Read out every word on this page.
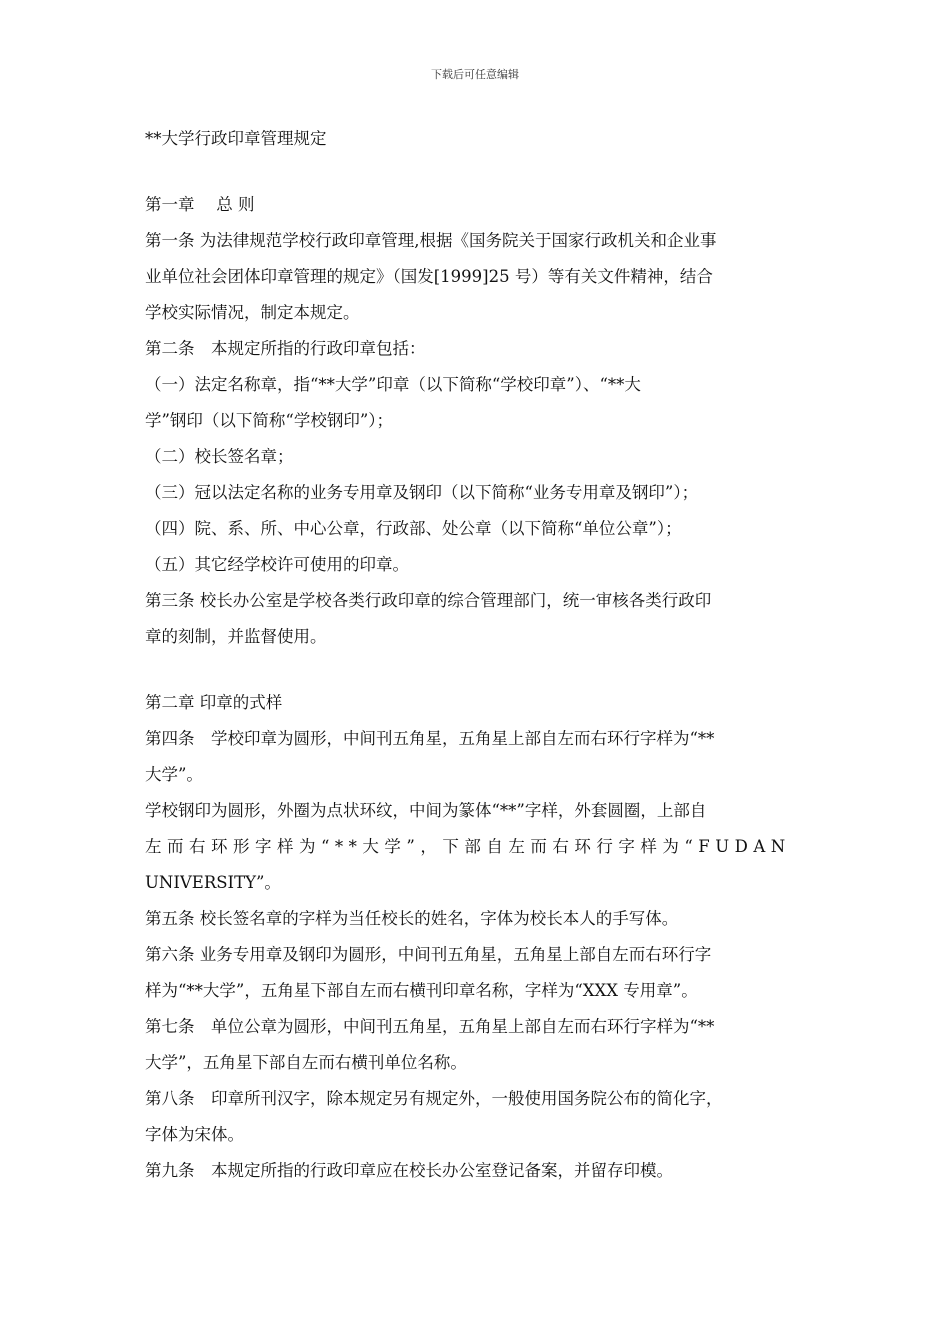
下载后可任意编辑
**大学行政印章管理规定
第一章　 总 则
第一条 为法律规范学校行政印章管理,根据《国务院关于国家行政机关和企业事
业单位社会团体印章管理的规定》（国发[1999]25 号）等有关文件精神，结合
学校实际情况，制定本规定。
第二条　本规定所指的行政印章包括：
（一）法定名称章，指“**大学”印章（以下简称“学校印章”）、“**大
学”钢印（以下简称“学校钢印”）；
（二）校长签名章；
（三）冠以法定名称的业务专用章及钢印（以下简称“业务专用章及钢印”）；
（四）院、系、所、中心公章，行政部、处公章（以下简称“单位公章”）；
（五）其它经学校许可使用的印章。
第三条 校长办公室是学校各类行政印章的综合管理部门，统一审核各类行政印
章的刻制，并监督使用。
第二章 印章的式样
第四条　学校印章为圆形，中间刊五角星，五角星上部自左而右环行字样为“**
大学”。
学校钢印为圆形，外圈为点状环纹，中间为篆体“**”字样，外套圆圈，上部自
左而右环形字样为“**大学”，下部自左而右环行字样为“FUDAN
UNIVERSITY”。
第五条 校长签名章的字样为当任校长的姓名，字体为校长本人的手写体。
第六条 业务专用章及钢印为圆形，中间刊五角星，五角星上部自左而右环行字
样为“**大学”，五角星下部自左而右横刊印章名称，字样为“XXX 专用章”。
第七条　单位公章为圆形，中间刊五角星，五角星上部自左而右环行字样为“**
大学”，五角星下部自左而右横刊单位名称。
第八条　印章所刊汉字，除本规定另有规定外，一般使用国务院公布的简化字，
字体为宋体。
第九条　本规定所指的行政印章应在校长办公室登记备案，并留存印模。
